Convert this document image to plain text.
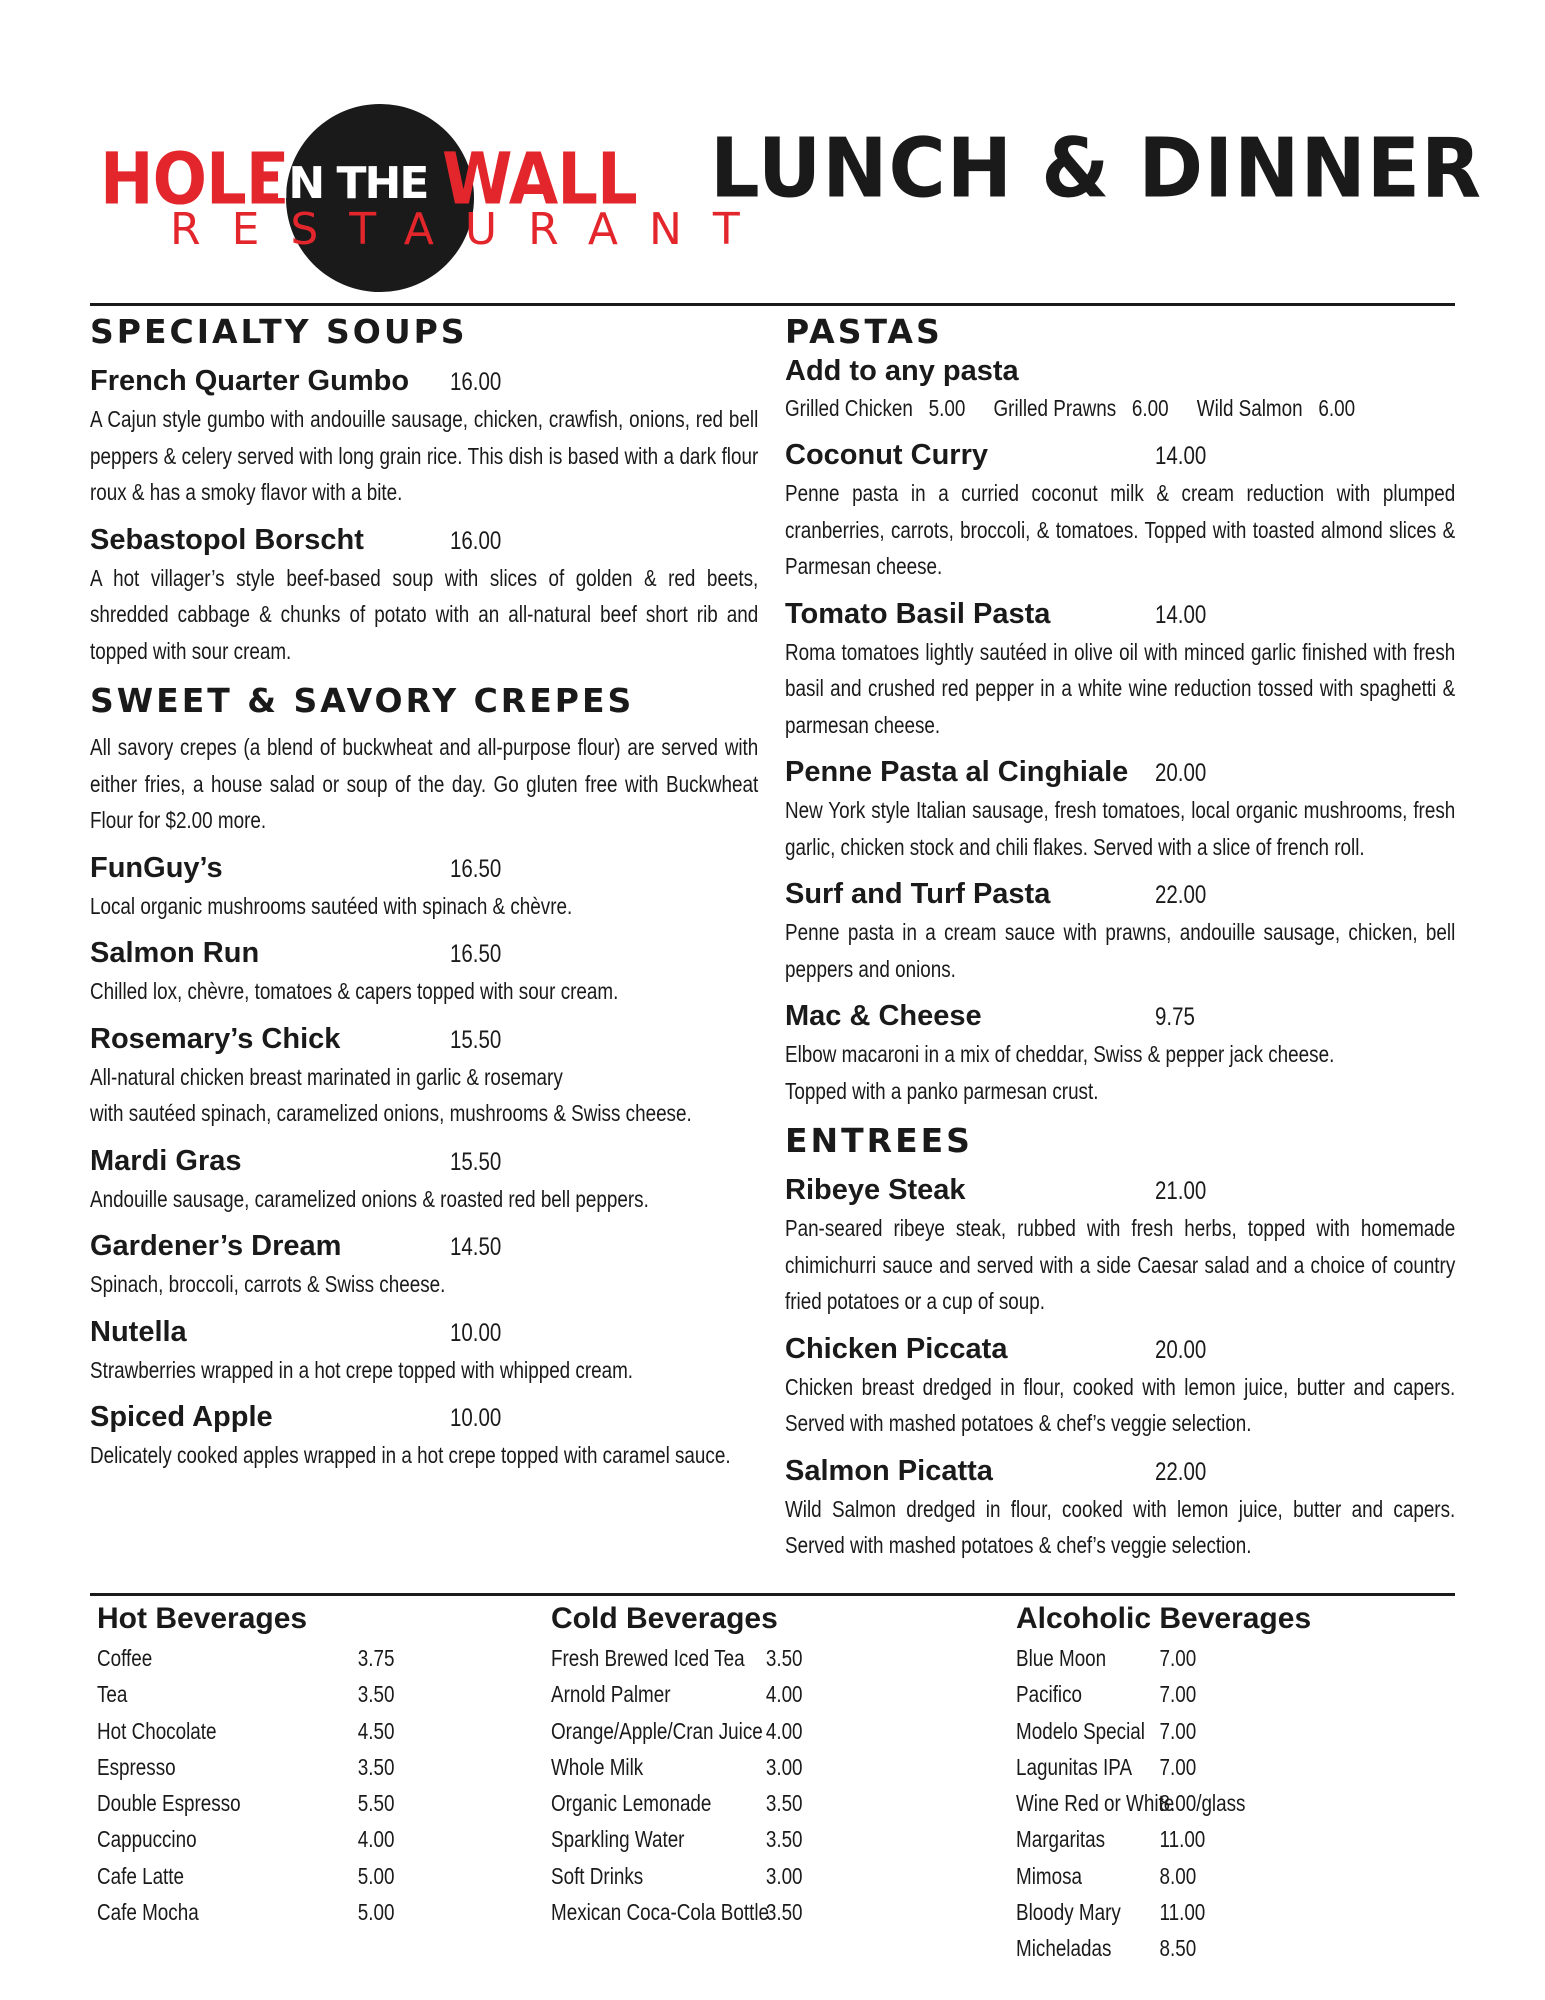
HOLE
IN THE WALL
RESTAURANT
LUNCH & DINNER
SPECIALTY SOUPS
French Quarter Gumbo 16.00

A Cajun style gumbo with andouille sausage, chicken, crawfish, onions, red bell peppers & celery served with long grain rice. This dish is based with a dark flour roux & has a smoky flavor with a bite.

Sebastopol Borscht	16.00

A hot villager’s style beef-based soup with slices of golden & red beets, shredded cabbage & chunks of potato with an all-natural beef short rib and topped with sour cream.

SWEET & SAVORY CREPES

All savory crepes (a blend of buckwheat and all-purpose flour) are served with either fries, a house salad or soup of the day. Go gluten free with Buckwheat Flour for $2.00 more.

FunGuy’s	16.50

Local organic mushrooms sautéed with spinach & chèvre.

Salmon Run	16.50

Chilled lox, chèvre, tomatoes & capers topped with sour cream.

Rosemary’s Chick	15.50

All-natural chicken breast marinated in garlic & rosemary

with sautéed spinach, caramelized onions, mushrooms & Swiss cheese.

Mardi Gras	15.50

Andouille sausage, caramelized onions & roasted red bell peppers.

Gardener’s Dream	14.50

Spinach, broccoli, carrots & Swiss cheese.

Nutella	10.00

Strawberries wrapped in a hot crepe topped with whipped cream.

Spiced Apple	10.00

Delicately cooked apples wrapped in a hot crepe topped with caramel sauce.

PASTAS
Add to any pasta
Grilled Chicken   5.00 Grilled Prawns   6.00 Wild Salmon   6.00
Coconut Curry	14.00

Penne pasta in a curried coconut milk & cream reduction with plumped cranberries, carrots, broccoli, & tomatoes. Topped with toasted almond slices & Parmesan cheese.

Tomato Basil Pasta	14.00

Roma tomatoes lightly sautéed in olive oil with minced garlic finished with fresh basil and crushed red pepper in a white wine reduction tossed with spaghetti & parmesan cheese.

Penne Pasta al Cinghiale 20.00

New York style Italian sausage, fresh tomatoes, local organic mushrooms, fresh garlic, chicken stock and chili flakes. Served with a slice of french roll.

Surf and Turf Pasta	22.00

Penne pasta in a cream sauce with prawns, andouille sausage, chicken, bell peppers and onions.

Mac & Cheese	9.75

Elbow macaroni in a mix of cheddar, Swiss & pepper jack cheese.

Topped with a panko parmesan crust.

ENTREES
Ribeye Steak	21.00

Pan-seared ribeye steak, rubbed with fresh herbs, topped with homemade chimichurri sauce and served with a side Caesar salad and a choice of country fried potatoes or a cup of soup.

Chicken Piccata	20.00

Chicken breast dredged in flour, cooked with lemon juice, butter and capers. Served with mashed potatoes & chef’s veggie selection.

Salmon Picatta	22.00

Wild Salmon dredged in flour, cooked with lemon juice, butter and capers. Served with mashed potatoes & chef’s veggie selection.

Hot Beverages
Coffee	3.75
Tea	3.50
Hot Chocolate	4.50
Espresso	3.50
Double Espresso	5.50
Cappuccino	4.00
Cafe Latte	5.00
Cafe Mocha	5.00
Cold Beverages
Fresh Brewed Iced Tea 3.50
Arnold Palmer	4.00
Orange/Apple/Cran Juice 4.00
Whole Milk	3.00
Organic Lemonade 3.50
Sparkling Water	3.50
Soft Drinks	3.00
Mexican Coca-Cola Bottle3.50
Alcoholic Beverages
Blue Moon 7.00
Pacifico	7.00
Modelo Special 7.00
Lagunitas IPA 7.00
Wine Red or White8.00/glass
Margaritas 11.00
Mimosa	8.00
Bloody Mary 11.00
Micheladas 8.50
